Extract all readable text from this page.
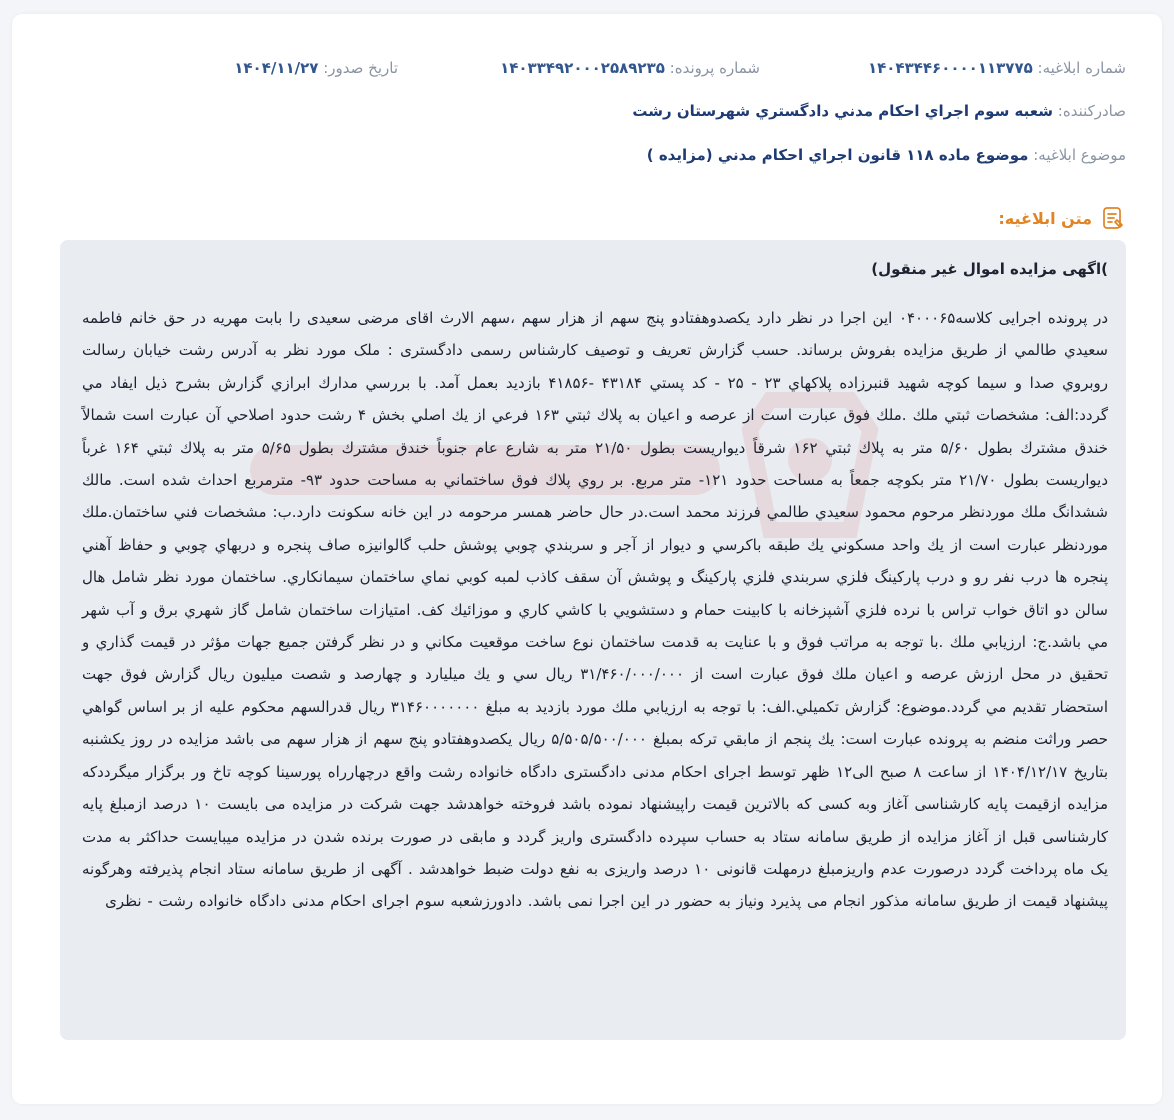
شماره ابلاغیه: ۱۴۰۴۳۴۴۶۰۰۰۰۱۱۳۷۷۵
شماره پرونده: ۱۴۰۳۳۴۹۲۰۰۰۲۵۸۹۲۳۵
تاریخ صدور: ۱۴۰۴/۱۱/۲۷
صادرکننده: شعبه سوم اجراي احکام مدني دادگستري شهرستان رشت
موضوع ابلاغیه: موضوع ماده ۱۱۸ قانون اجراي احکام مدني (مزایده )
متن ابلاغیه:
)اگهی مزایده اموال غیر منقول)
در پرونده اجرایی کلاسه۰۴۰۰۰۶۵ این اجرا در نظر دارد یکصدوهفتادو پنج سهم از هزار سهم ،سهم الارث اقای مرضی سعیدی را بابت مهریه در حق خانم فاطمه سعيدي طالمي از طریق مزایده بفروش برساند. حسب گزارش تعریف و توصیف کارشناس رسمی دادگستری : ملک مورد نظر به آدرس رشت خيابان رسالت روبروي صدا و سيما كوچه شهيد قنبرزاده پلاكهاي ۲۳ - ۲۵ - كد پستي ۴۳۱۸۴ -۴۱۸۵۶ بازديد بعمل آمد. با بررسي مدارك ابرازي گزارش بشرح ذيل ايفاد مي گردد:الف: مشخصات ثبتي ملك .ملك فوق عبارت است از عرصه و اعيان به پلاك ثبتي ۱۶۳ فرعي از يك اصلي بخش ۴ رشت حدود اصلاحي آن عبارت است شمالاً خندق مشترك بطول ۵/۶۰ متر به پلاك ثبتي ۱۶۲ شرقاً ديواريست بطول ۲۱/۵۰ متر به شارع عام جنوباً خندق مشترك بطول ۵/۶۵ متر به پلاك ثبتي ۱۶۴ غرباً ديواريست بطول ۲۱/۷۰ متر بكوچه جمعاً به مساحت حدود ۱۲۱- متر مربع. بر روي پلاك فوق ساختماني به مساحت حدود ۹۳- مترمربع احداث شده است. مالك ششدانگ ملك موردنظر مرحوم محمود سعيدي طالمي فرزند محمد است.در حال حاضر همسر مرحومه در اين خانه سكونت دارد.ب: مشخصات فني ساختمان.ملك موردنظر عبارت است از يك واحد مسكوني يك طبقه باكرسي و ديوار از آجر و سربندي چوبي پوشش حلب گالوانيزه صاف پنجره و دربهاي چوبي و حفاظ آهني پنجره ها درب نفر رو و درب پاركينگ فلزي سربندي فلزي پاركينگ و پوشش آن سقف كاذب لمبه كوبي نماي ساختمان سيمانكاري. ساختمان مورد نظر شامل هال سالن دو اتاق خواب تراس با نرده فلزي آشپزخانه با كابينت حمام و دستشويي با كاشي كاري و موزائيك كف. امتيازات ساختمان شامل گاز شهري برق و آب شهر مي باشد.ج: ارزيابي ملك .با توجه به مراتب فوق و با عنايت به قدمت ساختمان نوع ساخت موقعيت مكاني و در نظر گرفتن جميع جهات مؤثر در قيمت گذاري و تحقيق در محل ارزش عرصه و اعيان ملك فوق عبارت است از ۳۱/۴۶۰/۰۰۰/۰۰۰ ريال سي و يك ميليارد و چهارصد و شصت ميليون ريال گزارش فوق جهت استحضار تقديم مي گردد.موضوع: گزارش تكميلي.الف: با توجه به ارزيابي ملك مورد بازديد به مبلغ ۳۱۴۶۰۰۰۰۰۰۰ ريال قدرالسهم محكوم عليه از بر اساس گواهي حصر وراثت منضم به پرونده عبارت است: يك پنجم از مابقي تركه بمبلغ ۵/۵۰۵/۵۰۰/۰۰۰ ريال یکصدوهفتادو پنج سهم از هزار سهم می باشد مزایده در روز یکشنبه بتاریخ ۱۴۰۴/۱۲/۱۷ از ساعت ۸ صبح الی۱۲ ظهر توسط اجرای احکام مدنی دادگستری دادگاه خانواده رشت واقع درچهارراه پورسینا کوچه تاخ ور برگزار میگرددکه مزایده ازقیمت پایه کارشناسی آغاز وبه کسی که بالاترین قیمت راپیشنهاد نموده باشد فروخته خواهدشد جهت شرکت در مزایده می بایست ۱۰ درصد ازمبلغ پایه کارشناسی قبل از آغاز مزایده از طریق سامانه ستاد به حساب سپرده دادگستری واریز گردد و مابقی در صورت برنده شدن در مزایده میبایست حداکثر به مدت یک ماه پرداخت گردد درصورت عدم واریزمبلغ درمهلت قانونی ۱۰ درصد واریزی به نفع دولت ضبط خواهدشد . آگهی از طریق سامانه ستاد انجام پذیرفته وهرگونه پیشنهاد قیمت از طریق سامانه مذکور انجام می پذیرد ونیاز به حضور در این اجرا نمی باشد. دادورزشعبه سوم اجرای احکام مدنی دادگاه خانواده رشت - نظری
